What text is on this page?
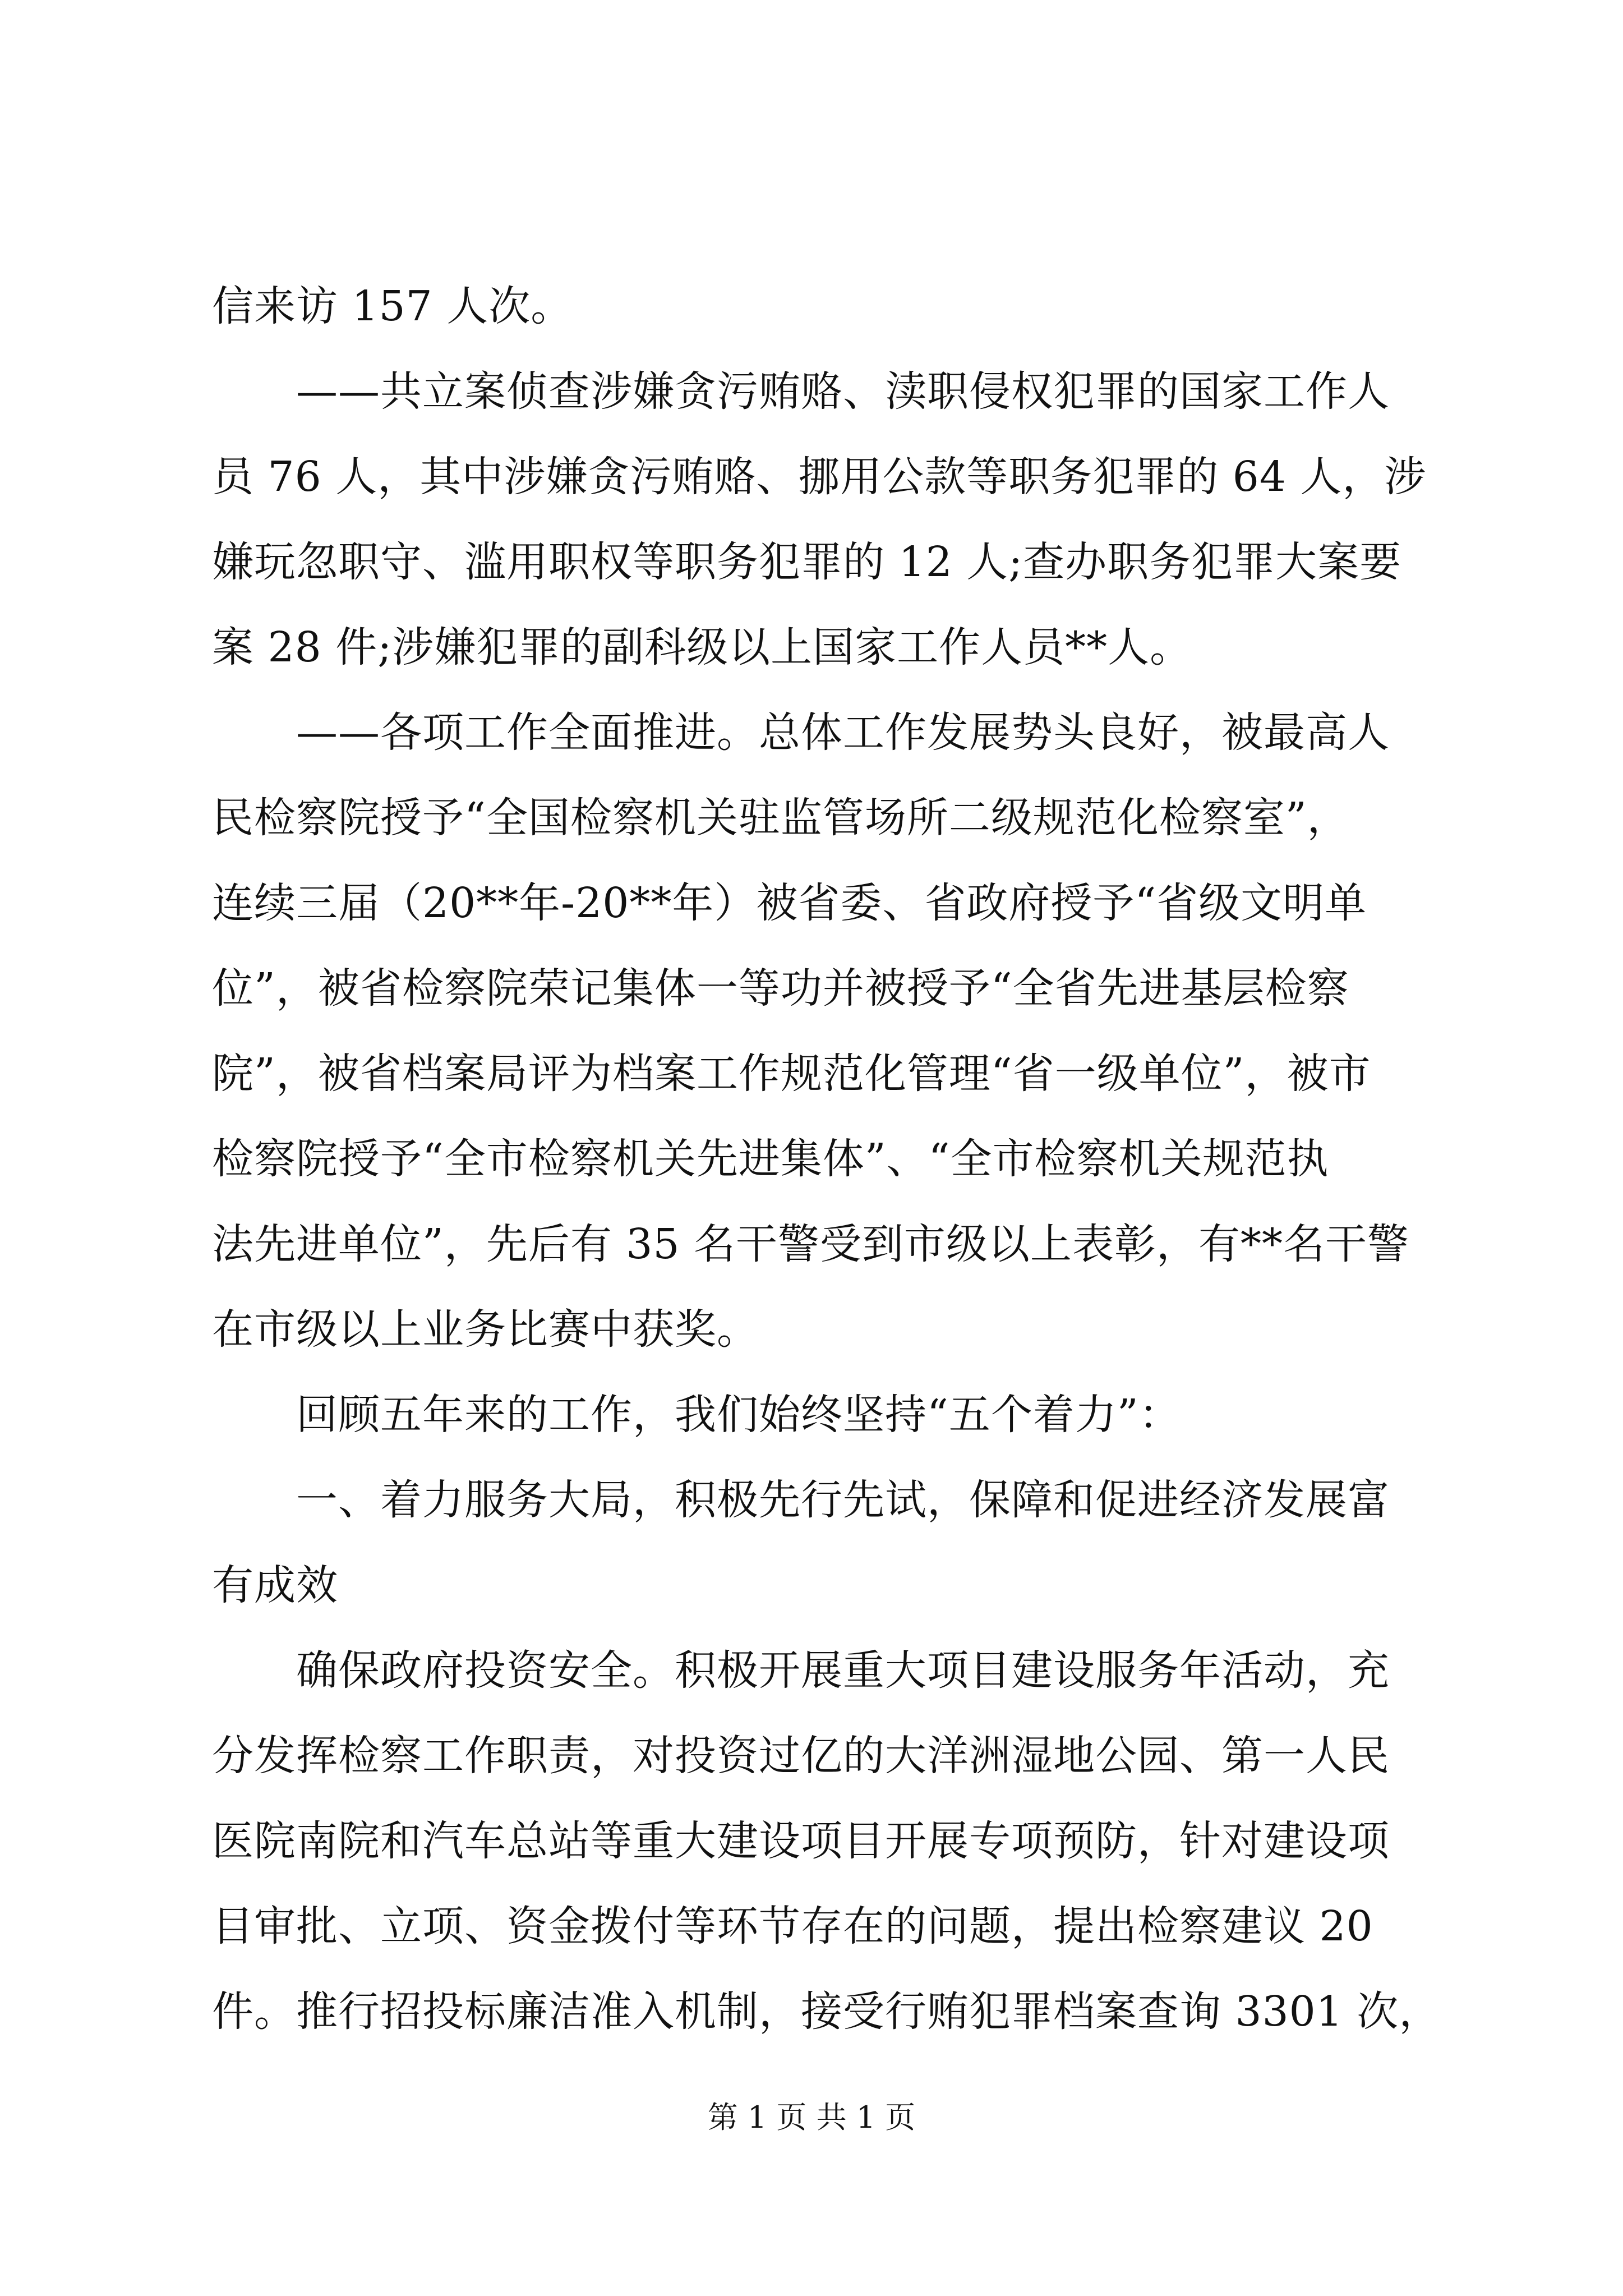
信来访 157 人次。
——共立案侦查涉嫌贪污贿赂、渎职侵权犯罪的国家工作人
员 76 人，其中涉嫌贪污贿赂、挪用公款等职务犯罪的 64 人，涉
嫌玩忽职守、滥用职权等职务犯罪的 12 人;查办职务犯罪大案要
案 28 件;涉嫌犯罪的副科级以上国家工作人员**人。
——各项工作全面推进。总体工作发展势头良好，被最高人
民检察院授予“全国检察机关驻监管场所二级规范化检察室”，
连续三届（20**年-20**年）被省委、省政府授予“省级文明单
位”，被省检察院荣记集体一等功并被授予“全省先进基层检察
院”，被省档案局评为档案工作规范化管理“省一级单位”，被市
检察院授予“全市检察机关先进集体”、“全市检察机关规范执
法先进单位”，先后有 35 名干警受到市级以上表彰，有**名干警
在市级以上业务比赛中获奖。
回顾五年来的工作，我们始终坚持“五个着力”：
一、着力服务大局，积极先行先试，保障和促进经济发展富
有成效
确保政府投资安全。积极开展重大项目建设服务年活动，充
分发挥检察工作职责，对投资过亿的大洋洲湿地公园、第一人民
医院南院和汽车总站等重大建设项目开展专项预防，针对建设项
目审批、立项、资金拨付等环节存在的问题，提出检察建议 20
件。推行招投标廉洁准入机制，接受行贿犯罪档案查询 3301 次，
第 1 页 共 1 页
